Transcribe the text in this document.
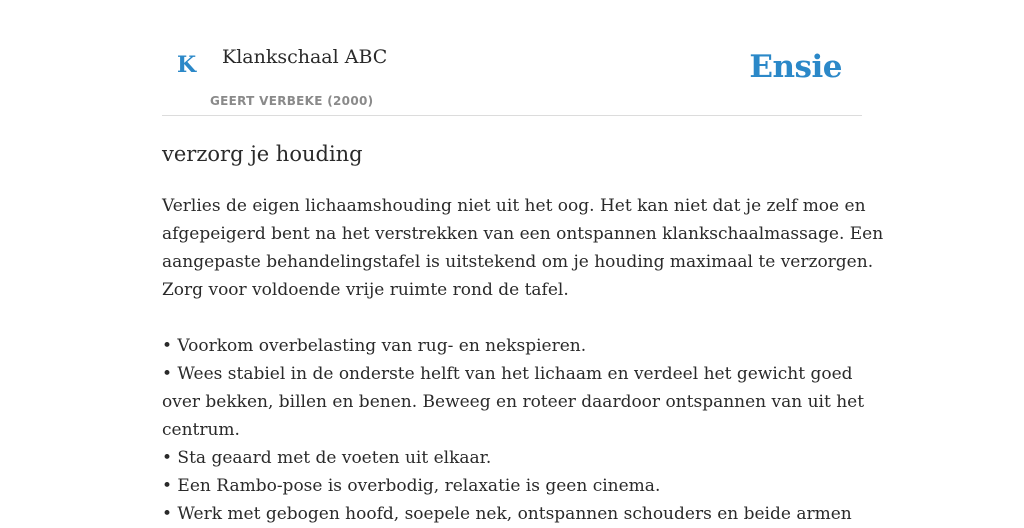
K Klankschaal ABC
GEERT VERBEKE (2000)
Ensie
verzorg je houding

Verlies de eigen lichaamshouding niet uit het oog. Het kan niet dat je zelf moe en
afgepeigerd bent na het verstrekken van een ontspannen klankschaalmassage. Een
aangepaste behandelingstafel is uitstekend om je houding maximaal te verzorgen.
Zorg voor voldoende vrije ruimte rond de tafel.

• Voorkom overbelasting van rug- en nekspieren.
• Wees stabiel in de onderste helft van het lichaam en verdeel het gewicht goed
over bekken, billen en benen. Beweeg en roteer daardoor ontspannen van uit het
centrum.
• Sta geaard met de voeten uit elkaar.
• Een Rambo-pose is overbodig, relaxatie is geen cinema.
• Werk met gebogen hoofd, soepele nek, ontspannen schouders en beide armen
